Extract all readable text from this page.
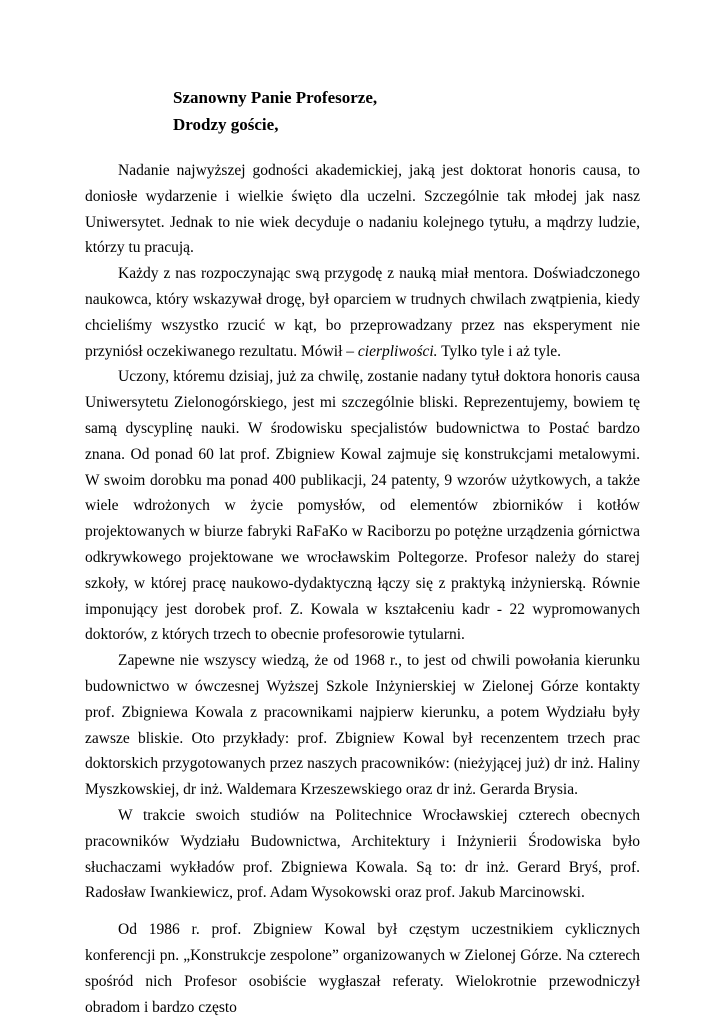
Szanowny Panie Profesorze,
Drodzy goście,

Nadanie najwyższej godności akademickiej, jaką jest doktorat honoris causa, to doniosłe wydarzenie i wielkie święto dla uczelni. Szczególnie tak młodej jak nasz Uniwersytet. Jednak to nie wiek decyduje o nadaniu kolejnego tytułu, a mądrzy ludzie, którzy tu pracują.

Każdy z nas rozpoczynając swą przygodę z nauką miał mentora. Doświadczonego naukowca, który wskazywał drogę, był oparciem w trudnych chwilach zwątpienia, kiedy chcieliśmy wszystko rzucić w kąt, bo przeprowadzany przez nas eksperyment nie przyniósł oczekiwanego rezultatu. Mówił – cierpliwości. Tylko tyle i aż tyle.

Uczony, któremu dzisiaj, już za chwilę, zostanie nadany tytuł doktora honoris causa Uniwersytetu Zielonogórskiego, jest mi szczególnie bliski. Reprezentujemy, bowiem tę samą dyscyplinę nauki. W środowisku specjalistów budownictwa to Postać bardzo znana. Od ponad 60 lat prof. Zbigniew Kowal zajmuje się konstrukcjami metalowymi. W swoim dorobku ma ponad 400 publikacji, 24 patenty, 9 wzorów użytkowych, a także wiele wdrożonych w życie pomysłów, od elementów zbiorników i kotłów projektowanych w biurze fabryki RaFaKo w Raciborzu po potężne urządzenia górnictwa odkrywkowego projektowane we wrocławskim Poltegorze. Profesor należy do starej szkoły, w której pracę naukowo-dydaktyczną łączy się z praktyką inżynierską. Równie imponujący jest dorobek prof. Z. Kowala w kształceniu kadr - 22 wypromowanych doktorów, z których trzech to obecnie profesorowie tytularni.

Zapewne nie wszyscy wiedzą, że od 1968 r., to jest od chwili powołania kierunku budownictwo w ówczesnej Wyższej Szkole Inżynierskiej w Zielonej Górze kontakty prof. Zbigniewa Kowala z pracownikami najpierw kierunku, a potem Wydziału były zawsze bliskie. Oto przykłady: prof. Zbigniew Kowal był recenzentem trzech prac doktorskich przygotowanych przez naszych pracowników: (nieżyjącej już) dr inż. Haliny Myszkowskiej, dr inż. Waldemara Krzeszewskiego oraz dr inż. Gerarda Brysia.

W trakcie swoich studiów na Politechnice Wrocławskiej czterech obecnych pracowników Wydziału Budownictwa, Architektury i Inżynierii Środowiska było słuchaczami wykładów prof. Zbigniewa Kowala. Są to: dr inż. Gerard Bryś, prof. Radosław Iwankiewicz, prof. Adam Wysokowski oraz prof. Jakub Marcinowski.

Od 1986 r. prof. Zbigniew Kowal był częstym uczestnikiem cyklicznych konferencji pn. „Konstrukcje zespolone” organizowanych w Zielonej Górze. Na czterech spośród nich Profesor osobiście wygłaszał referaty. Wielokrotnie przewodniczył obradom i bardzo często
